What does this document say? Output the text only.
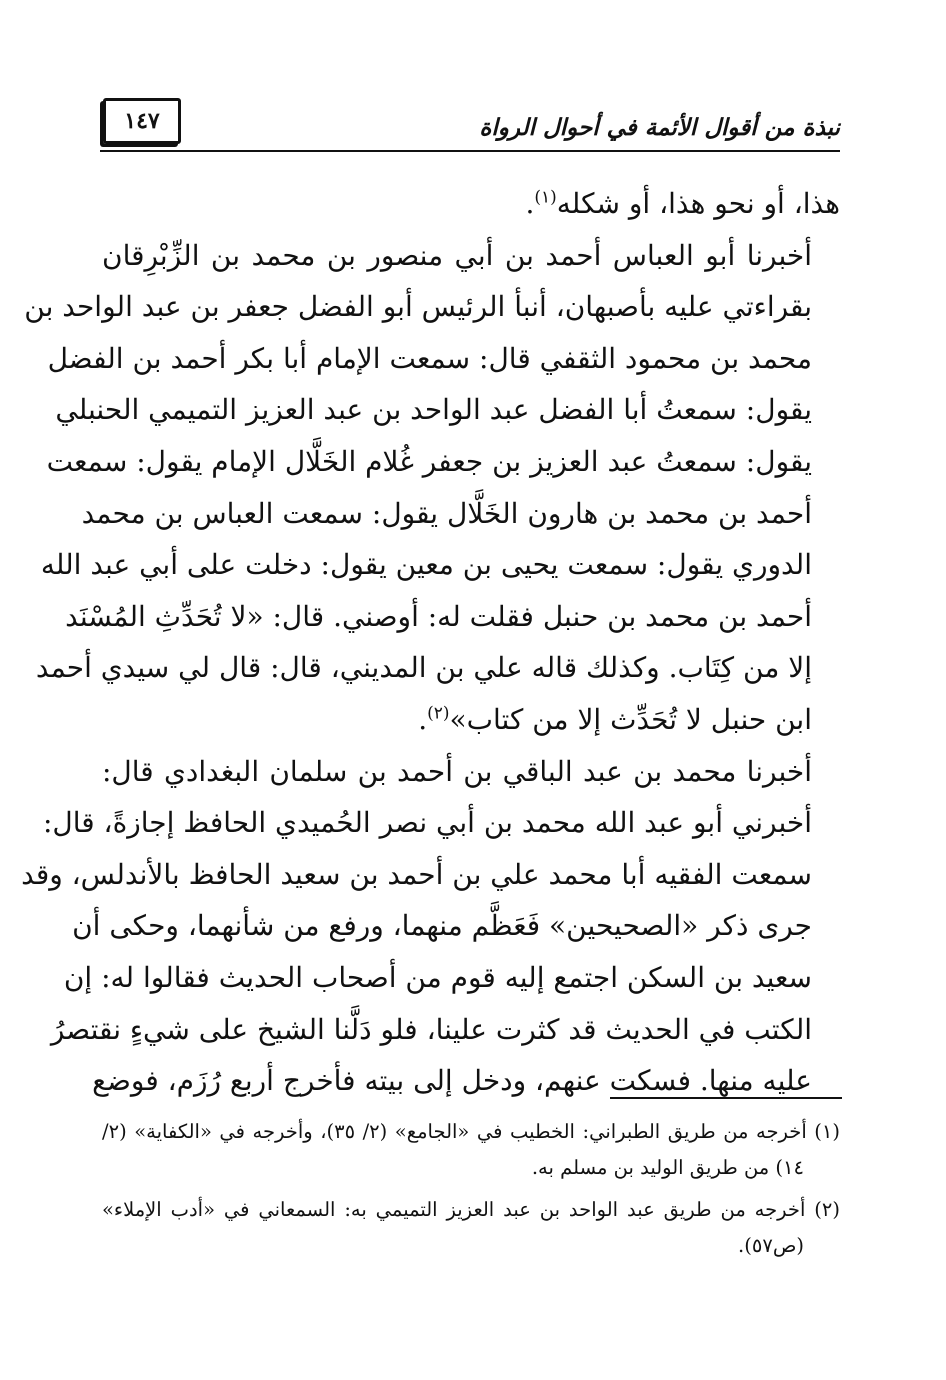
نبذة من أقوال الأئمة في أحوال الرواة
١٤٧

هذا، أو نحو هذا، أو شكله$^{(١)}$.

أخبرنا أبو العباس أحمد بن أبي منصور بن محمد بن الزِّبْرِقان
بقراءتي عليه بأصبهان، أنبأ الرئيس أبو الفضل جعفر بن عبد الواحد بن
محمد بن محمود الثقفي قال: سمعت الإمام أبا بكر أحمد بن الفضل
يقول: سمعتُ أبا الفضل عبد الواحد بن عبد العزيز التميمي الحنبلي
يقول: سمعتُ عبد العزيز بن جعفر غُلام الخَلَّال الإمام يقول: سمعت
أحمد بن محمد بن هارون الخَلَّال يقول: سمعت العباس بن محمد
الدوري يقول: سمعت يحيى بن معين يقول: دخلت على أبي عبد الله
أحمد بن محمد بن حنبل فقلت له: أوصني. قال: «لا تُحَدِّثِ المُسْنَد
إلا من كِتَاب. وكذلك قاله علي بن المديني، قال: قال لي سيدي أحمد
ابن حنبل لا تُحَدِّث إلا من كتاب»$^{(٢)}$.

أخبرنا محمد بن عبد الباقي بن أحمد بن سلمان البغدادي قال:
أخبرني أبو عبد الله محمد بن أبي نصر الحُميدي الحافظ إجازةً، قال:
سمعت الفقيه أبا محمد علي بن أحمد بن سعيد الحافظ بالأندلس، وقد
جرى ذكر «الصحيحين» فَعَظَّم منهما، ورفع من شأنهما، وحكى أن
سعيد بن السكن اجتمع إليه قوم من أصحاب الحديث فقالوا له: إن
الكتب في الحديث قد كثرت علينا، فلو دَلَّنا الشيخ على شيءٍ نقتصرُ
عليه منها. فسكت عنهم، ودخل إلى بيته فأخرج أربع رُزَم، فوضع

(١) أخرجه من طريق الطبراني: الخطيب في «الجامع» (٢/ ٣٥)، وأخرجه في «الكفاية» (٢/
١٤) من طريق الوليد بن مسلم به.
(٢) أخرجه من طريق عبد الواحد بن عبد العزيز التميمي به: السمعاني في «أدب الإملاء»
(ص٥٧).
